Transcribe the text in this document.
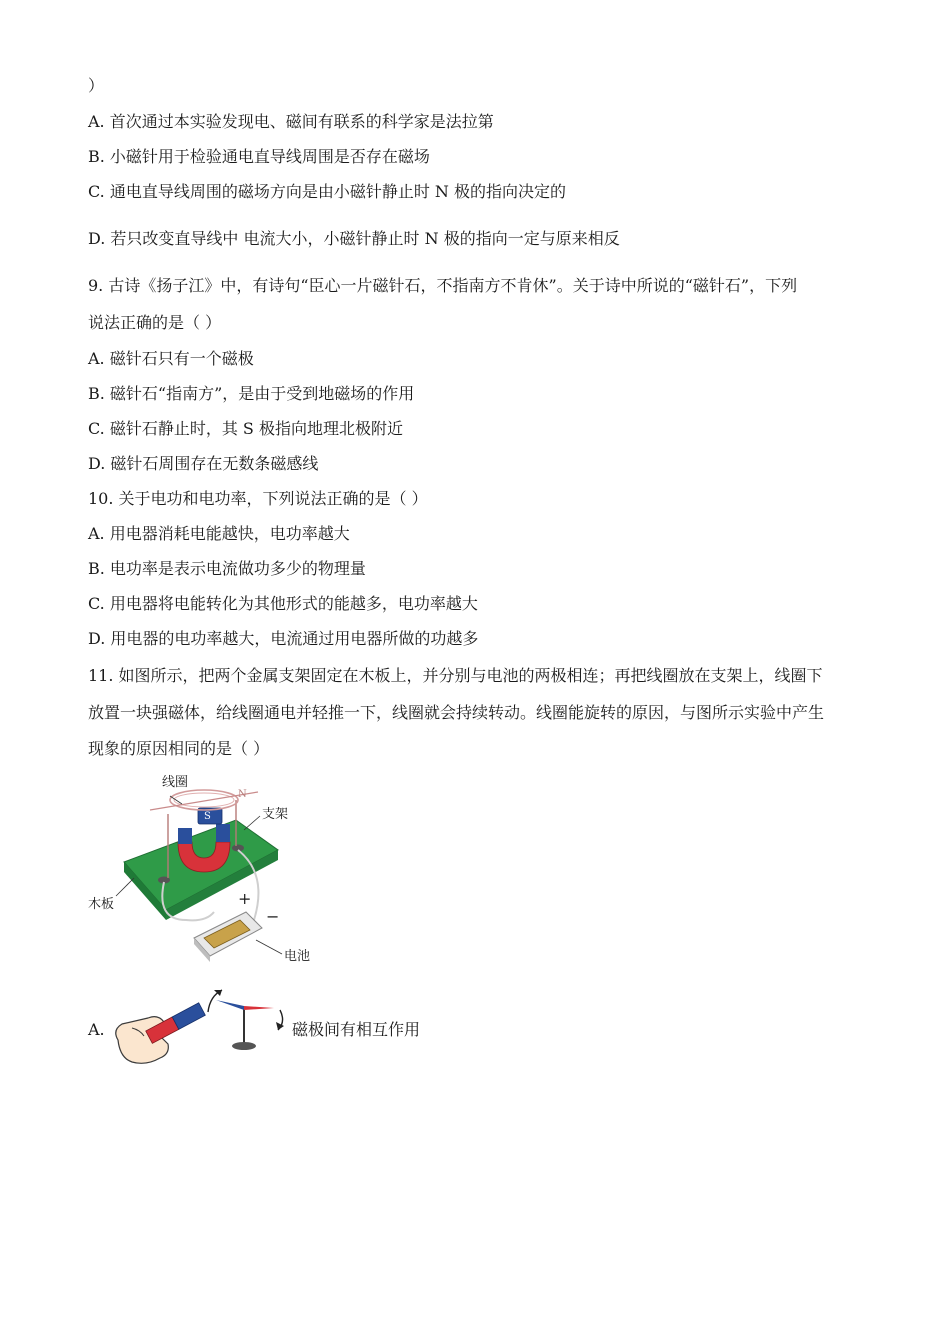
）
A. 首次通过本实验发现电、磁间有联系的科学家是法拉第
B. 小磁针用于检验通电直导线周围是否存在磁场
C. 通电直导线周围的磁场方向是由小磁针静止时 N 极的指向决定的
D. 若只改变直导线中 电流大小，小磁针静止时 N 极的指向一定与原来相反
9. 古诗《扬子江》中，有诗句“臣心一片磁针石，不指南方不肯休”。关于诗中所说的“磁针石”，下列
说法正确的是（ ）
A. 磁针石只有一个磁极
B. 磁针石“指南方”，是由于受到地磁场的作用
C. 磁针石静止时，其 S 极指向地理北极附近
D. 磁针石周围存在无数条磁感线
10. 关于电功和电功率，下列说法正确的是（ ）
A. 用电器消耗电能越快，电功率越大
B. 电功率是表示电流做功多少的物理量
C. 用电器将电能转化为其他形式的能越多，电功率越大
D. 用电器的电功率越大，电流通过用电器所做的功越多
11. 如图所示，把两个金属支架固定在木板上，并分别与电池的两极相连；再把线圈放在支架上，线圈下
放置一块强磁体，给线圈通电并轻推一下，线圈就会持续转动。线圈能旋转的原因，与图所示实验中产生
现象的原因相同的是（ ）
线圈
支架
木板
电池
+
−
S
N
A.	磁极间有相互作用
